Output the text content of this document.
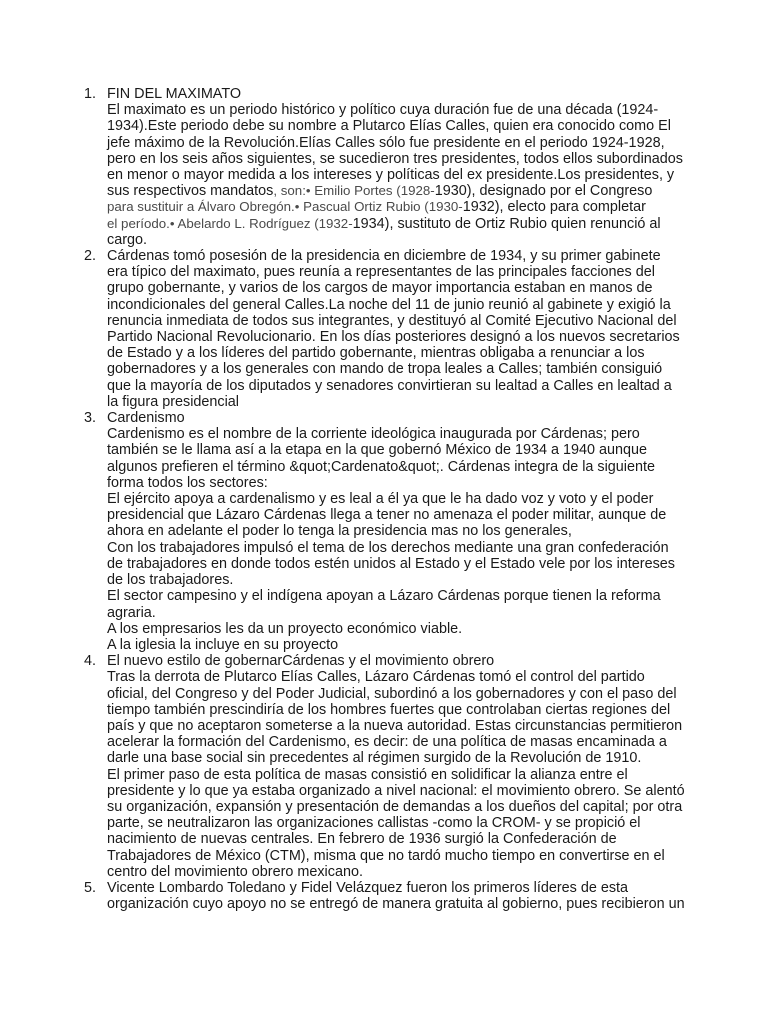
1. FIN DEL MAXIMATO

El maximato es un periodo histórico y político cuya duración fue de una década (1924-

1934).Este periodo debe su nombre a Plutarco Elías Calles, quien era conocido como El

jefe máximo de la Revolución.Elías Calles sólo fue presidente en el periodo 1924-1928,

pero en los seis años siguientes, se sucedieron tres presidentes, todos ellos subordinados

en menor o mayor medida a los intereses y políticas del ex presidente.Los presidentes, y

sus respectivos mandatos, son:• Emilio Portes (1928-1930), designado por el Congreso

para sustituir a Álvaro Obregón.• Pascual Ortiz Rubio (1930-1932), electo para completar

el período.• Abelardo L. Rodríguez (1932-1934), sustituto de Ortiz Rubio quien renunció al

cargo.

2. Cárdenas tomó posesión de la presidencia en diciembre de 1934, y su primer gabinete

era típico del maximato, pues reunía a representantes de las principales facciones del

grupo gobernante, y varios de los cargos de mayor importancia estaban en manos de

incondicionales del general Calles.La noche del 11 de junio reunió al gabinete y exigió la

renuncia inmediata de todos sus integrantes, y destituyó al Comité Ejecutivo Nacional del

Partido Nacional Revolucionario. En los días posteriores designó a los nuevos secretarios

de Estado y a los líderes del partido gobernante, mientras obligaba a renunciar a los

gobernadores y a los generales con mando de tropa leales a Calles; también consiguió

que la mayoría de los diputados y senadores convirtieran su lealtad a Calles en lealtad a

la figura presidencial

3. Cardenismo

Cardenismo es el nombre de la corriente ideológica inaugurada por Cárdenas; pero

también se le llama así a la etapa en la que gobernó México de 1934 a 1940 aunque

algunos prefieren el término &quot;Cardenato&quot;. Cárdenas integra de la siguiente

forma todos los sectores:

El ejército apoya a cardenalismo y es leal a él ya que le ha dado voz y voto y el poder

presidencial que Lázaro Cárdenas llega a tener no amenaza el poder militar, aunque de

ahora en adelante el poder lo tenga la presidencia mas no los generales,

Con los trabajadores impulsó el tema de los derechos mediante una gran confederación

de trabajadores en donde todos estén unidos al Estado y el Estado vele por los intereses

de los trabajadores.

El sector campesino y el indígena apoyan a Lázaro Cárdenas porque tienen la reforma

agraria.

A los empresarios les da un proyecto económico viable.

A la iglesia la incluye en su proyecto

4. El nuevo estilo de gobernarCárdenas y el movimiento obrero

Tras la derrota de Plutarco Elías Calles, Lázaro Cárdenas tomó el control del partido

oficial, del Congreso y del Poder Judicial, subordinó a los gobernadores y con el paso del

tiempo también prescindiría de los hombres fuertes que controlaban ciertas regiones del

país y que no aceptaron someterse a la nueva autoridad. Estas circunstancias permitieron

acelerar la formación del Cardenismo, es decir: de una política de masas encaminada a

darle una base social sin precedentes al régimen surgido de la Revolución de 1910.

El primer paso de esta política de masas consistió en solidificar la alianza entre el

presidente y lo que ya estaba organizado a nivel nacional: el movimiento obrero. Se alentó

su organización, expansión y presentación de demandas a los dueños del capital; por otra

parte, se neutralizaron las organizaciones callistas -como la CROM- y se propició el

nacimiento de nuevas centrales. En febrero de 1936 surgió la Confederación de

Trabajadores de México (CTM), misma que no tardó mucho tiempo en convertirse en el

centro del movimiento obrero mexicano.

5. Vicente Lombardo Toledano y Fidel Velázquez fueron los primeros líderes de esta

organización cuyo apoyo no se entregó de manera gratuita al gobierno, pues recibieron un
